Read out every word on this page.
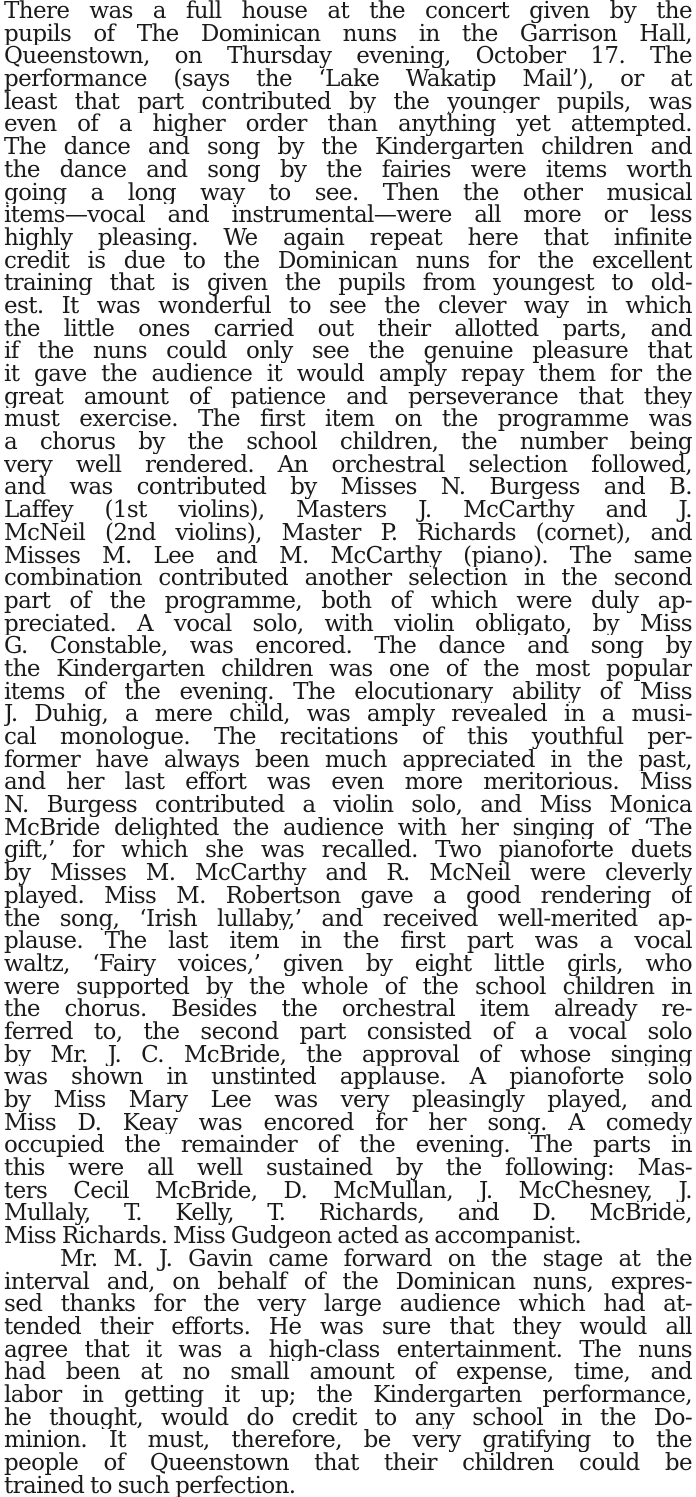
There was a full house at the concert given by the
pupils of The Dominican nuns in the Garrison Hall,
Queenstown, on Thursday evening, October 17. The
performance (says the ‘Lake Wakatip Mail’), or at
least that part contributed by the younger pupils, was
even of a higher order than anything yet attempted.
The dance and song by the Kindergarten children and
the dance and song by the fairies were items worth
going a long way to see. Then the other musical
items—vocal and instrumental—were all more or less
highly pleasing. We again repeat here that infinite
credit is due to the Dominican nuns for the excellent
training that is given the pupils from youngest to old-
est. It was wonderful to see the clever way in which
the little ones carried out their allotted parts, and
if the nuns could only see the genuine pleasure that
it gave the audience it would amply repay them for the
great amount of patience and perseverance that they
must exercise. The first item on the programme was
a chorus by the school children, the number being
very well rendered. An orchestral selection followed,
and was contributed by Misses N. Burgess and B.
Laffey (1st violins), Masters J. McCarthy and J.
McNeil (2nd violins), Master P. Richards (cornet), and
Misses M. Lee and M. McCarthy (piano). The same
combination contributed another selection in the second
part of the programme, both of which were duly ap-
preciated. A vocal solo, with violin obligato, by Miss
G. Constable, was encored. The dance and song by
the Kindergarten children was one of the most popular
items of the evening. The elocutionary ability of Miss
J. Duhig, a mere child, was amply revealed in a musi-
cal monologue. The recitations of this youthful per-
former have always been much appreciated in the past,
and her last effort was even more meritorious. Miss
N. Burgess contributed a violin solo, and Miss Monica
McBride delighted the audience with her singing of ‘The
gift,’ for which she was recalled. Two pianoforte duets
by Misses M. McCarthy and R. McNeil were cleverly
played. Miss M. Robertson gave a good rendering of
the song, ‘Irish lullaby,’ and received well-merited ap-
plause. The last item in the first part was a vocal
waltz, ‘Fairy voices,’ given by eight little girls, who
were supported by the whole of the school children in
the chorus. Besides the orchestral item already re-
ferred to, the second part consisted of a vocal solo
by Mr. J. C. McBride, the approval of whose singing
was shown in unstinted applause. A pianoforte solo
by Miss Mary Lee was very pleasingly played, and
Miss D. Keay was encored for her song. A comedy
occupied the remainder of the evening. The parts in
this were all well sustained by the following: Mas-
ters Cecil McBride, D. McMullan, J. McChesney, J.
Mullaly, T. Kelly, T. Richards, and D. McBride,
Miss Richards. Miss Gudgeon acted as accompanist.
Mr. M. J. Gavin came forward on the stage at the
interval and, on behalf of the Dominican nuns, expres-
sed thanks for the very large audience which had at-
tended their efforts. He was sure that they would all
agree that it was a high-class entertainment. The nuns
had been at no small amount of expense, time, and
labor in getting it up; the Kindergarten performance,
he thought, would do credit to any school in the Do-
minion. It must, therefore, be very gratifying to the
people of Queenstown that their children could be
trained to such perfection.
